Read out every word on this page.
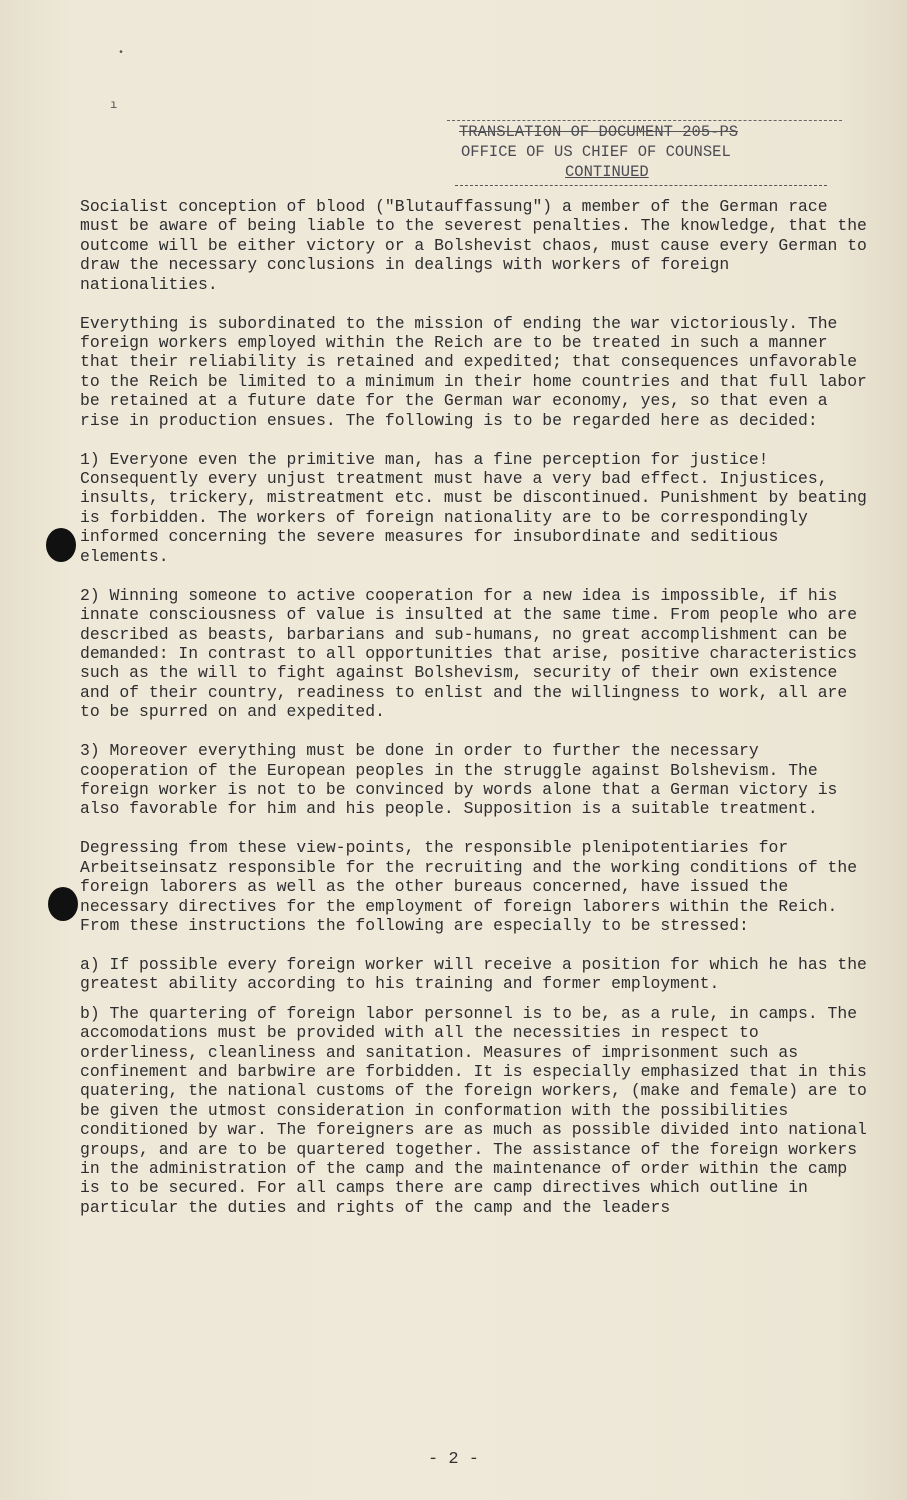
•
ı
TRANSLATION OF DOCUMENT 205-PS
OFFICE OF US CHIEF OF COUNSEL
CONTINUED

Socialist conception of blood ("Blutauffassung") a member of the German race must be aware of being liable to the severest penalties. The knowledge, that the outcome will be either victory or a Bolshevist chaos, must cause every German to draw the necessary conclusions in dealings with workers of foreign nationalities.

Everything is subordinated to the mission of ending the war victoriously. The foreign workers employed within the Reich are to be treated in such a manner that their reliability is retained and expedited; that consequences unfavorable to the Reich be limited to a minimum in their home countries and that full labor be retained at a future date for the German war economy, yes, so that even a rise in production ensues. The following is to be regarded here as decided:

1) Everyone even the primitive man, has a fine perception for justice! Consequently every unjust treatment must have a very bad effect. Injustices, insults, trickery, mistreatment etc. must be discontinued. Punishment by beating is forbidden. The workers of foreign nationality are to be correspondingly informed concerning the severe measures for insubordinate and seditious elements.

2) Winning someone to active cooperation for a new idea is impossible, if his innate consciousness of value is insulted at the same time. From people who are described as beasts, barbarians and sub-humans, no great accomplishment can be demanded: In contrast to all opportunities that arise, positive characteristics such as the will to fight against Bolshevism, security of their own existence and of their country, readiness to enlist and the willingness to work, all are to be spurred on and expedited.

3) Moreover everything must be done in order to further the necessary cooperation of the European peoples in the struggle against Bolshevism. The foreign worker is not to be convinced by words alone that a German victory is also favorable for him and his people. Supposition is a suitable treatment.

Degressing from these view-points, the responsible plenipotentiaries for Arbeitseinsatz responsible for the recruiting and the working conditions of the foreign laborers as well as the other bureaus concerned, have issued the necessary directives for the employment of foreign laborers within the Reich. From these instructions the following are especially to be stressed:

a) If possible every foreign worker will receive a position for which he has the greatest ability according to his training and former employment.

b) The quartering of foreign labor personnel is to be, as a rule, in camps. The accomodations must be provided with all the necessities in respect to orderliness, cleanliness and sanitation. Measures of imprisonment such as confinement and barbwire are forbidden. It is especially emphasized that in this quatering, the national customs of the foreign workers, (make and female) are to be given the utmost consideration in conformation with the possibilities conditioned by war. The foreigners are as much as possible divided into national groups, and are to be quartered together. The assistance of the foreign workers in the administration of the camp and the maintenance of order within the camp is to be secured. For all camps there are camp directives which outline in particular the duties and rights of the camp and the leaders

- 2 -
